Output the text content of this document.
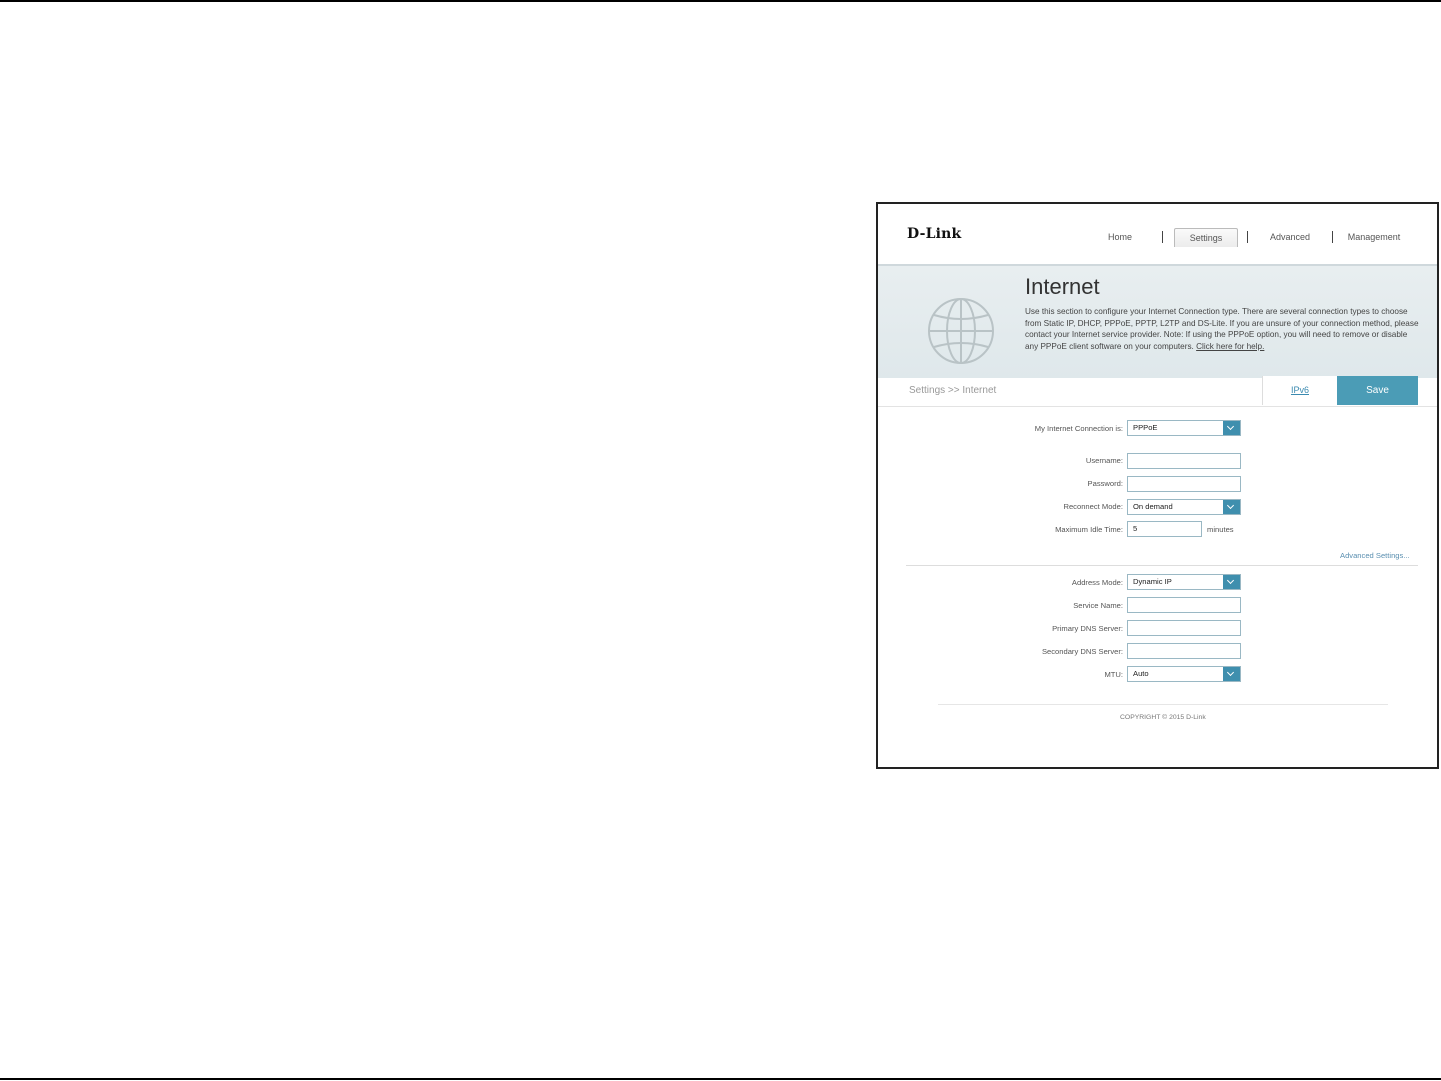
D-Link	Home	Settings	Advanced	Management
Internet
Use this section to configure your Internet Connection type. There are several connection types to choose from Static IP, DHCP, PPPoE, PPTP, L2TP and DS-Lite. If you are unsure of your connection method, please contact your Internet service provider. Note: If using the PPPoE option, you will need to remove or disable any PPPoE client software on your computers. Click here for help.
Settings >> Internet	IPv6	Save
My Internet Connection is:	PPPoE
Username:
Password:
Reconnect Mode:	On demand
Maximum Idle Time:	5	minutes
Advanced Settings...
Address Mode:	Dynamic IP
Service Name:
Primary DNS Server:
Secondary DNS Server:
MTU:	Auto
COPYRIGHT © 2015 D-Link
